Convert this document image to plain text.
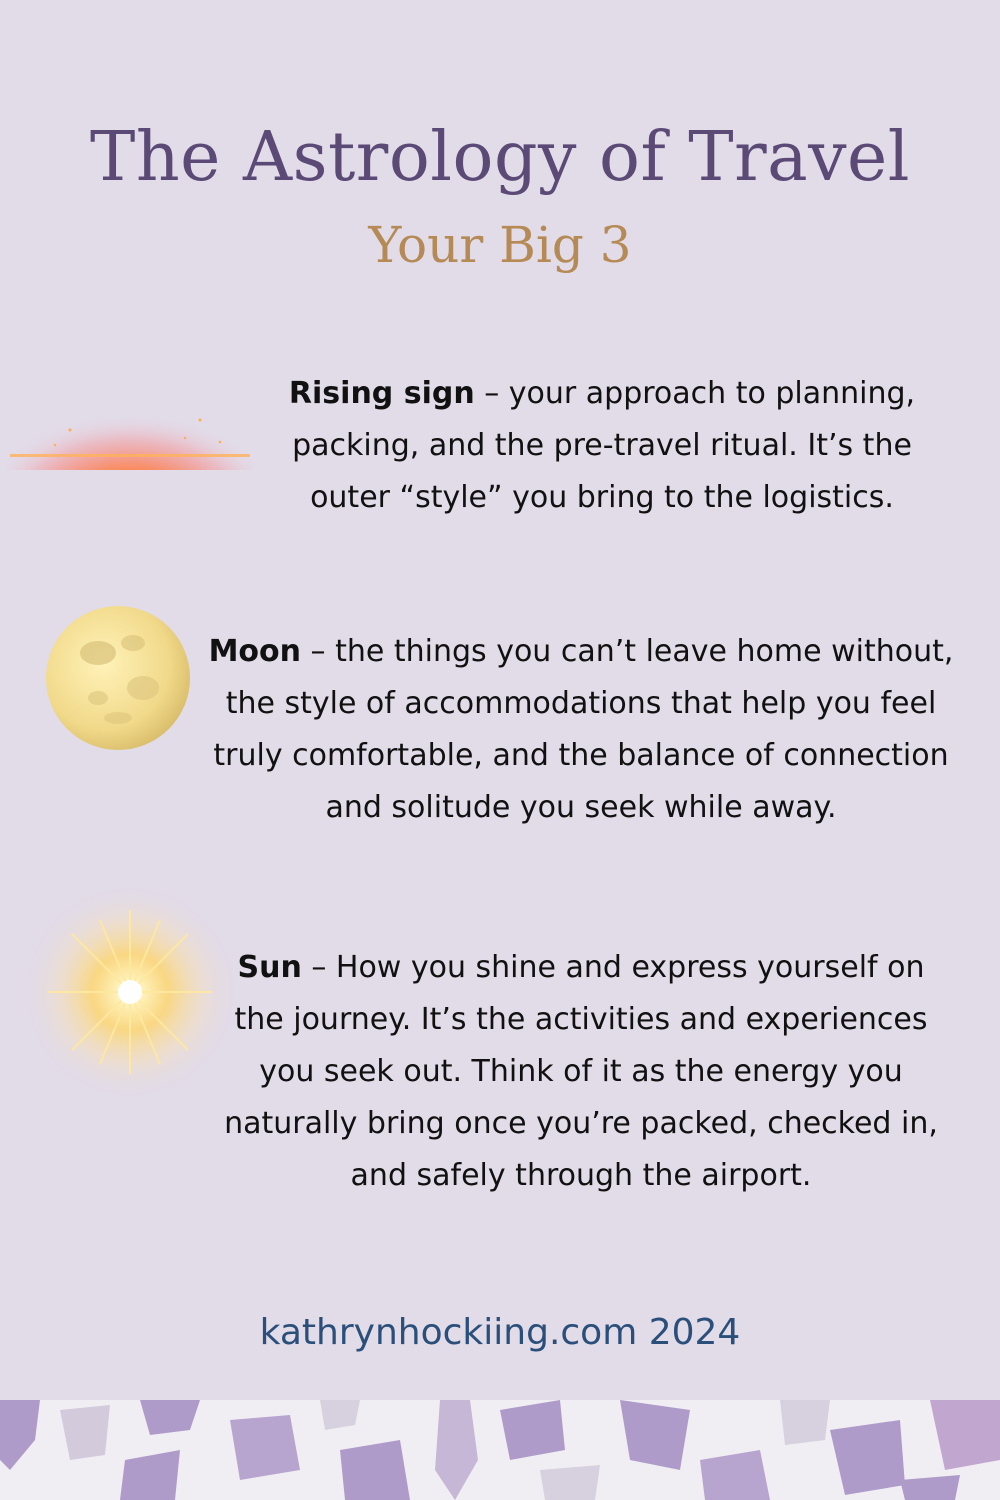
The Astrology of Travel
Your Big 3

Rising sign – your approach to planning, packing, and the pre-travel ritual. It’s the outer “style” you bring to the logistics.

Moon – the things you can’t leave home without, the style of accommodations that help you feel truly comfortable, and the balance of connection and solitude you seek while away.

Sun – How you shine and express yourself on the journey. It’s the activities and experiences you seek out. Think of it as the energy you naturally bring once you’re packed, checked in, and safely through the airport.

kathrynhockiing.com 2024
